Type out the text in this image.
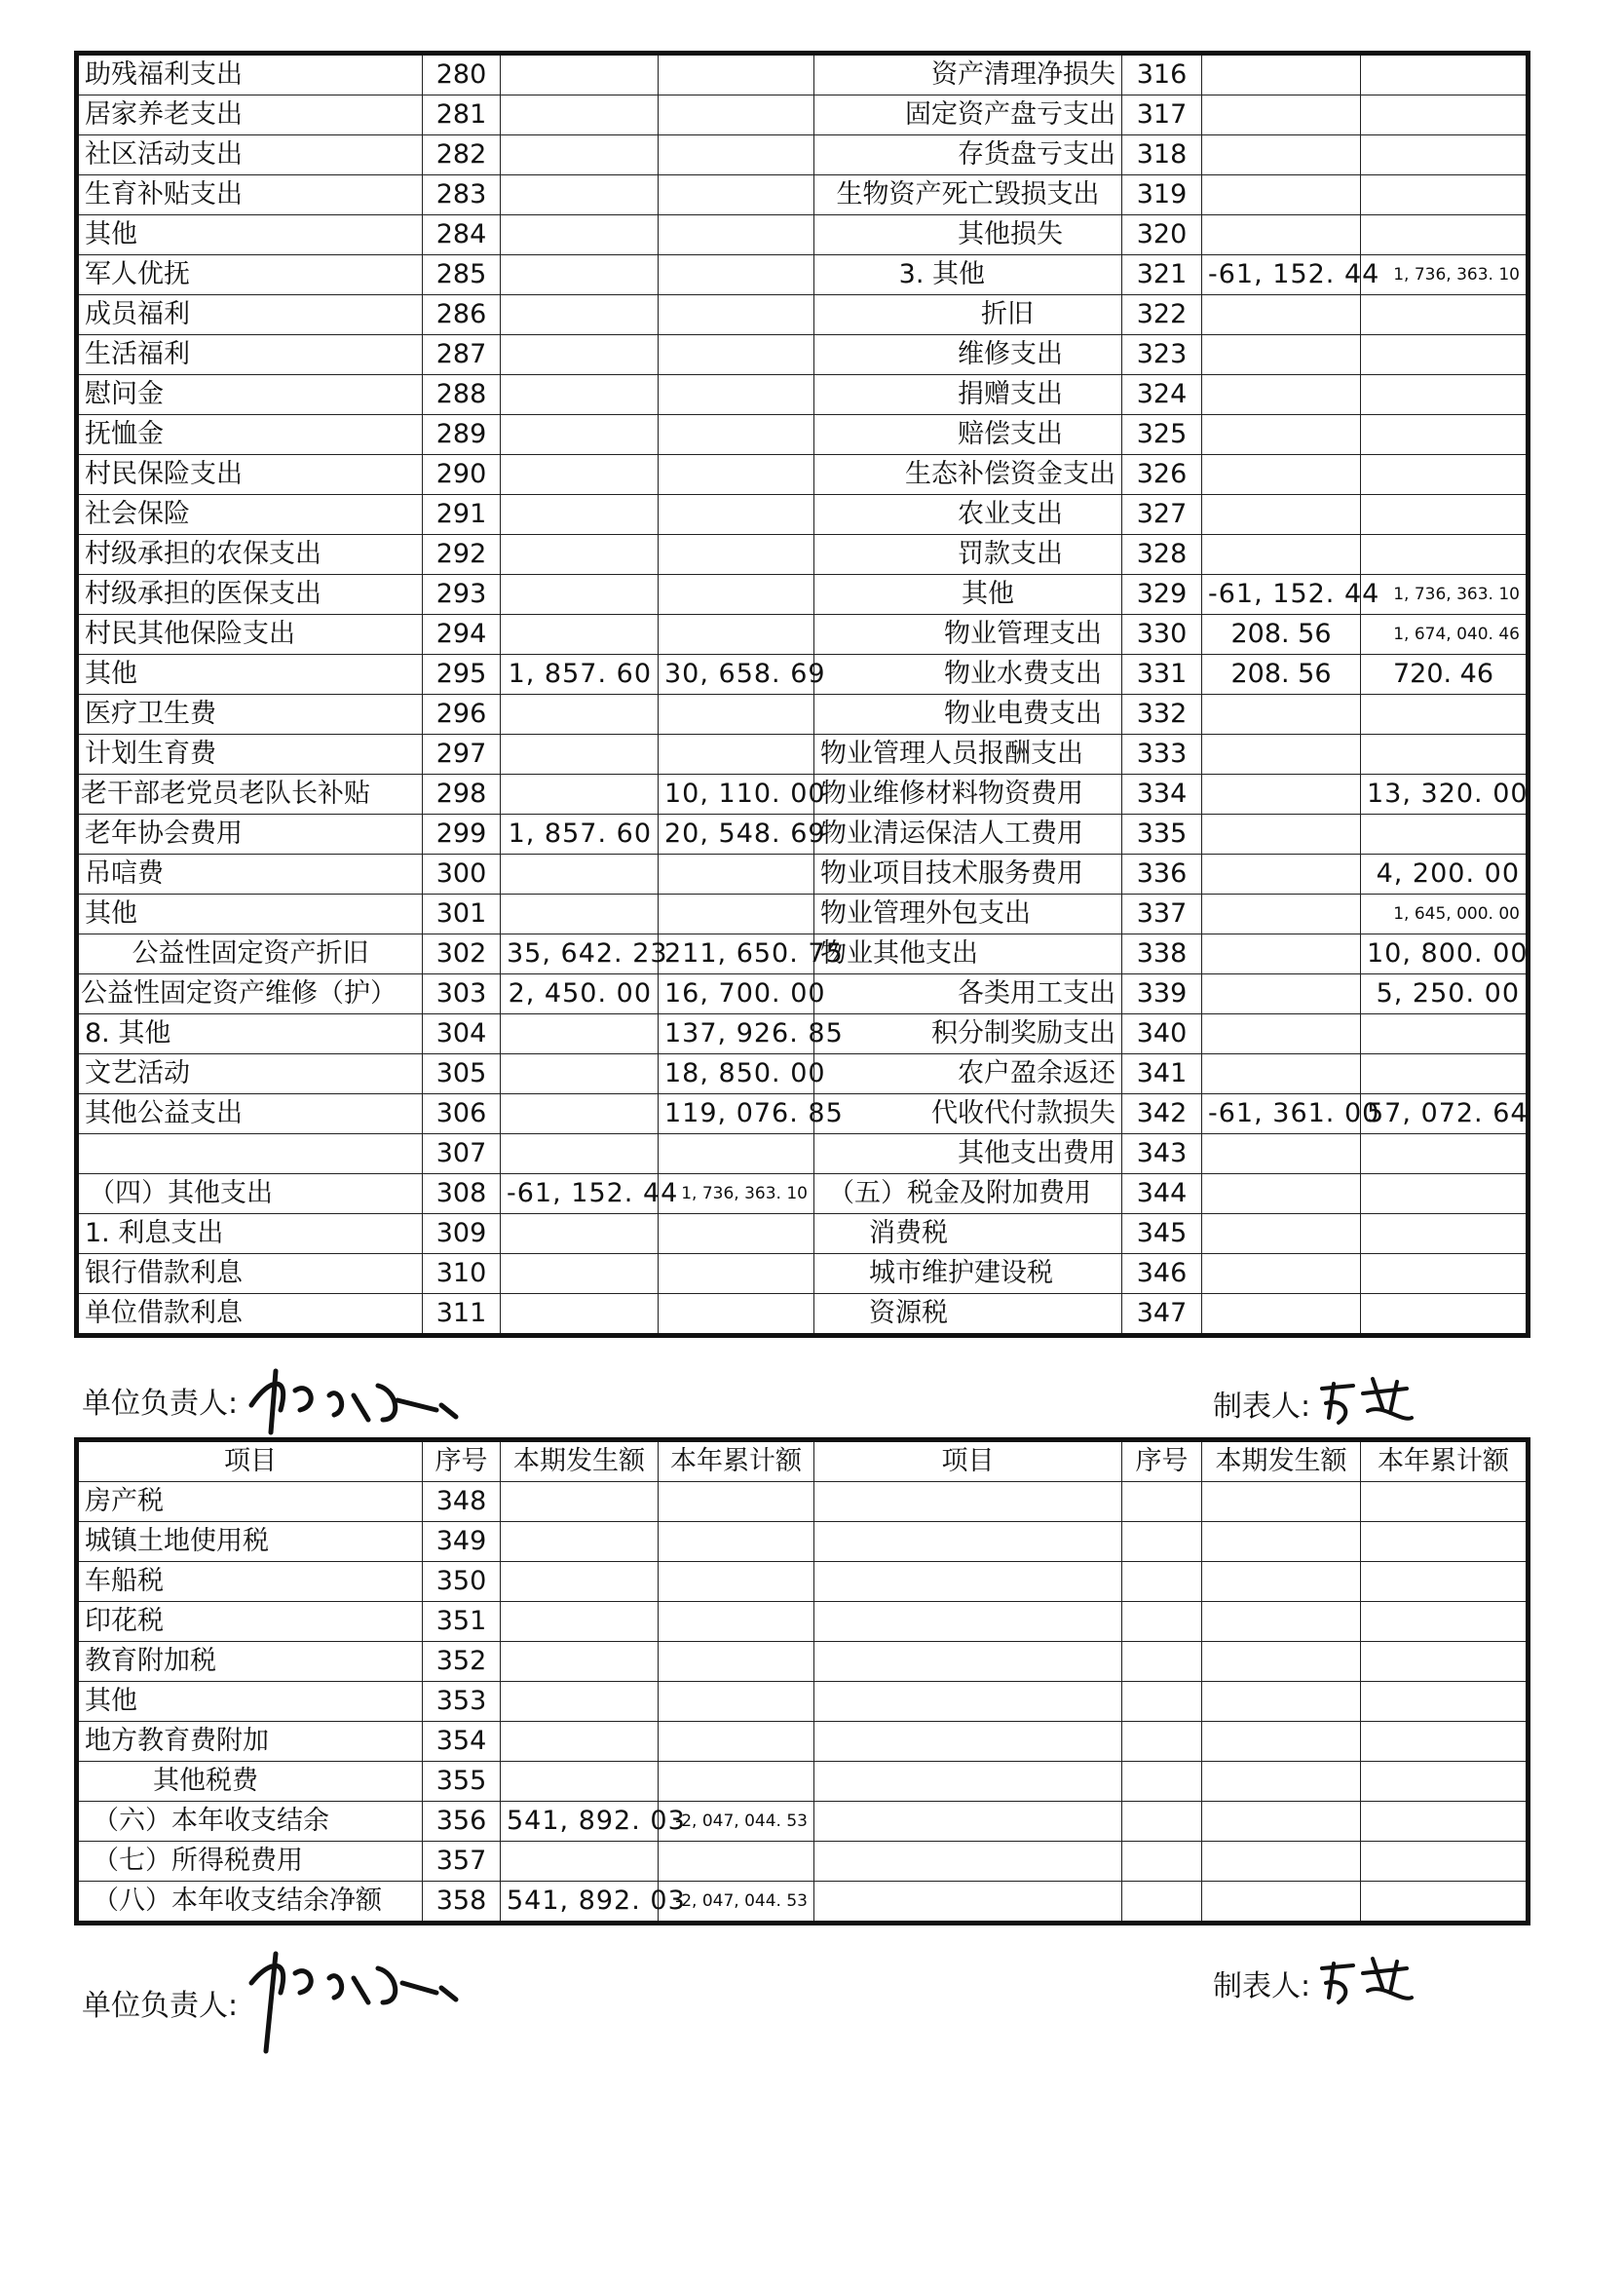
助残福利支出	280			资产清理净损失	316		
居家养老支出	281			固定资产盘亏支出	317		
社区活动支出	282			存货盘亏支出	318		
生育补贴支出	283			生物资产死亡毁损支出	319		
其他	284			其他损失	320		
军人优抚	285			3. 其他	321	-61, 152. 44	1, 736, 363. 10
成员福利	286			折旧	322		
生活福利	287			维修支出	323		
慰问金	288			捐赠支出	324		
抚恤金	289			赔偿支出	325		
村民保险支出	290			生态补偿资金支出	326		
社会保险	291			农业支出	327		
村级承担的农保支出	292			罚款支出	328		
村级承担的医保支出	293			其他	329	-61, 152. 44	1, 736, 363. 10
村民其他保险支出	294			物业管理支出	330	208. 56	1, 674, 040. 46
其他	295	1, 857. 60	30, 658. 69	物业水费支出	331	208. 56	720. 46
医疗卫生费	296			物业电费支出	332		
计划生育费	297			物业管理人员报酬支出	333		
老干部老党员老队长补贴	298		10, 110. 00	物业维修材料物资费用	334		13, 320. 00
老年协会费用	299	1, 857. 60	20, 548. 69	物业清运保洁人工费用	335		
吊唁费	300			物业项目技术服务费用	336		4, 200. 00
其他	301			物业管理外包支出	337		1, 645, 000. 00
公益性固定资产折旧	302	35, 642. 23	211, 650. 75	物业其他支出	338		10, 800. 00
公益性固定资产维修（护）	303	2, 450. 00	16, 700. 00	各类用工支出	339		5, 250. 00
8. 其他	304		137, 926. 85	积分制奖励支出	340		
文艺活动	305		18, 850. 00	农户盈余返还	341		
其他公益支出	306		119, 076. 85	代收代付款损失	342	-61, 361. 00	57, 072. 64
	307			其他支出费用	343		
（四）其他支出	308	-61, 152. 44	1, 736, 363. 10	（五）税金及附加费用	344		
1. 利息支出	309			消费税	345		
银行借款利息	310			城市维护建设税	346		
单位借款利息	311			资源税	347		
单位负责人:	制表人:
项目	序号	本期发生额	本年累计额	项目	序号	本期发生额	本年累计额
房产税	348						
城镇土地使用税	349						
车船税	350						
印花税	351						
教育附加税	352						
其他	353						
地方教育费附加	354						
其他税费	355						
（六）本年收支结余	356	541, 892. 03	-2, 047, 044. 53				
（七）所得税费用	357						
（八）本年收支结余净额	358	541, 892. 03	-2, 047, 044. 53				
单位负责人:
制表人:
